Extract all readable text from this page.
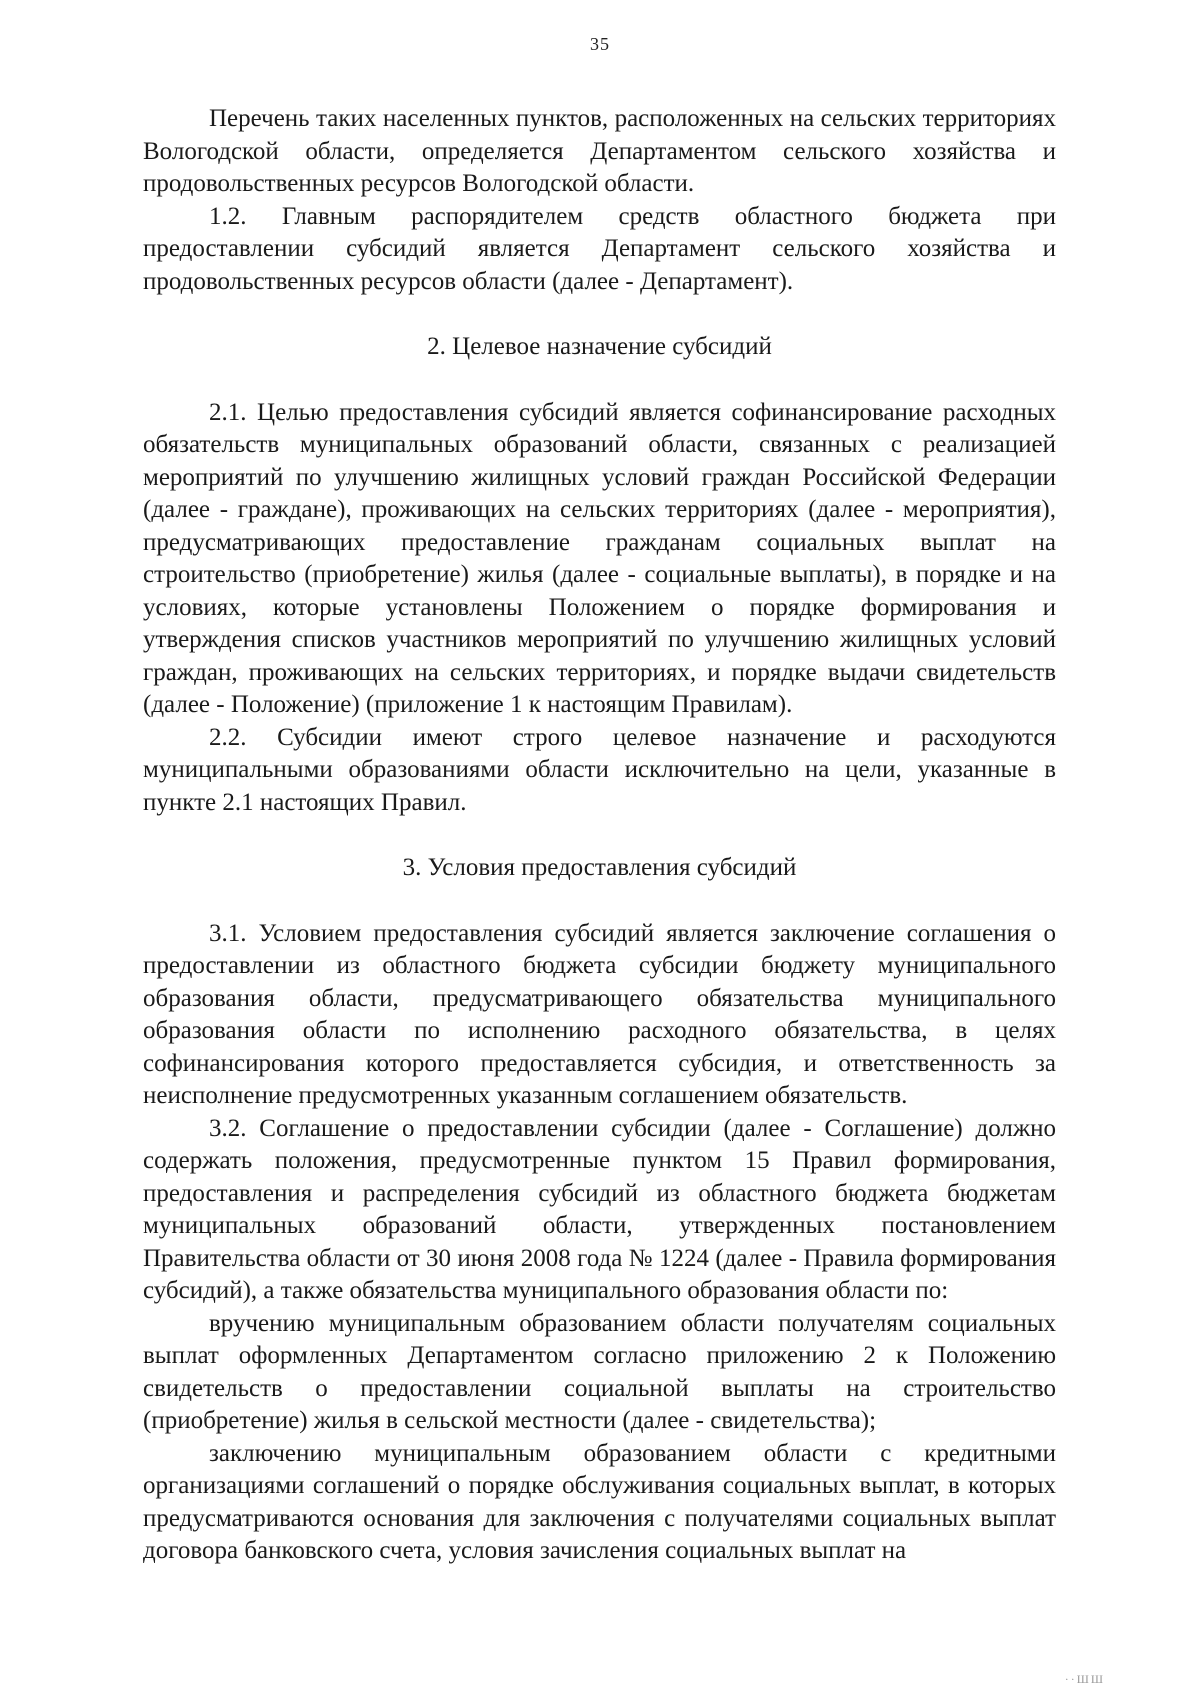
35

Перечень таких населенных пунктов, расположенных на сельских территориях Вологодской области, определяется Департаментом сельского хозяйства и продовольственных ресурсов Вологодской области.

1.2. Главным распорядителем средств областного бюджета при предоставлении субсидий является Департамент сельского хозяйства и продовольственных ресурсов области (далее - Департамент).

2. Целевое назначение субсидий

2.1. Целью предоставления субсидий является софинансирование расходных обязательств муниципальных образований области, связанных с реализацией мероприятий по улучшению жилищных условий граждан Российской Федерации (далее - граждане), проживающих на сельских территориях (далее - мероприятия), предусматривающих предоставление гражданам социальных выплат на строительство (приобретение) жилья (далее - социальные выплаты), в порядке и на условиях, которые установлены Положением о порядке формирования и утверждения списков участников мероприятий по улучшению жилищных условий граждан, проживающих на сельских территориях, и порядке выдачи свидетельств (далее - Положение) (приложение 1 к настоящим Правилам).

2.2. Субсидии имеют строго целевое назначение и расходуются муниципальными образованиями области исключительно на цели, указанные в пункте 2.1 настоящих Правил.

3. Условия предоставления субсидий

3.1. Условием предоставления субсидий является заключение соглашения о предоставлении из областного бюджета субсидии бюджету муниципального образования области, предусматривающего обязательства муниципального образования области по исполнению расходного обязательства, в целях софинансирования которого предоставляется субсидия, и ответственность за неисполнение предусмотренных указанным соглашением обязательств.

3.2. Соглашение о предоставлении субсидии (далее - Соглашение) должно содержать положения, предусмотренные пунктом 15 Правил формирования, предоставления и распределения субсидий из областного бюджета бюджетам муниципальных образований области, утвержденных постановлением Правительства области от 30 июня 2008 года № 1224 (далее - Правила формирования субсидий), а также обязательства муниципального образования области по:

вручению муниципальным образованием области получателям социальных выплат оформленных Департаментом согласно приложению 2 к Положению свидетельств о предоставлении социальной выплаты на строительство (приобретение) жилья в сельской местности (далее - свидетельства);

заключению муниципальным образованием области с кредитными организациями соглашений о порядке обслуживания социальных выплат, в которых предусматриваются основания для заключения с получателями социальных выплат договора банковского счета, условия зачисления социальных выплат на

··ШШ
